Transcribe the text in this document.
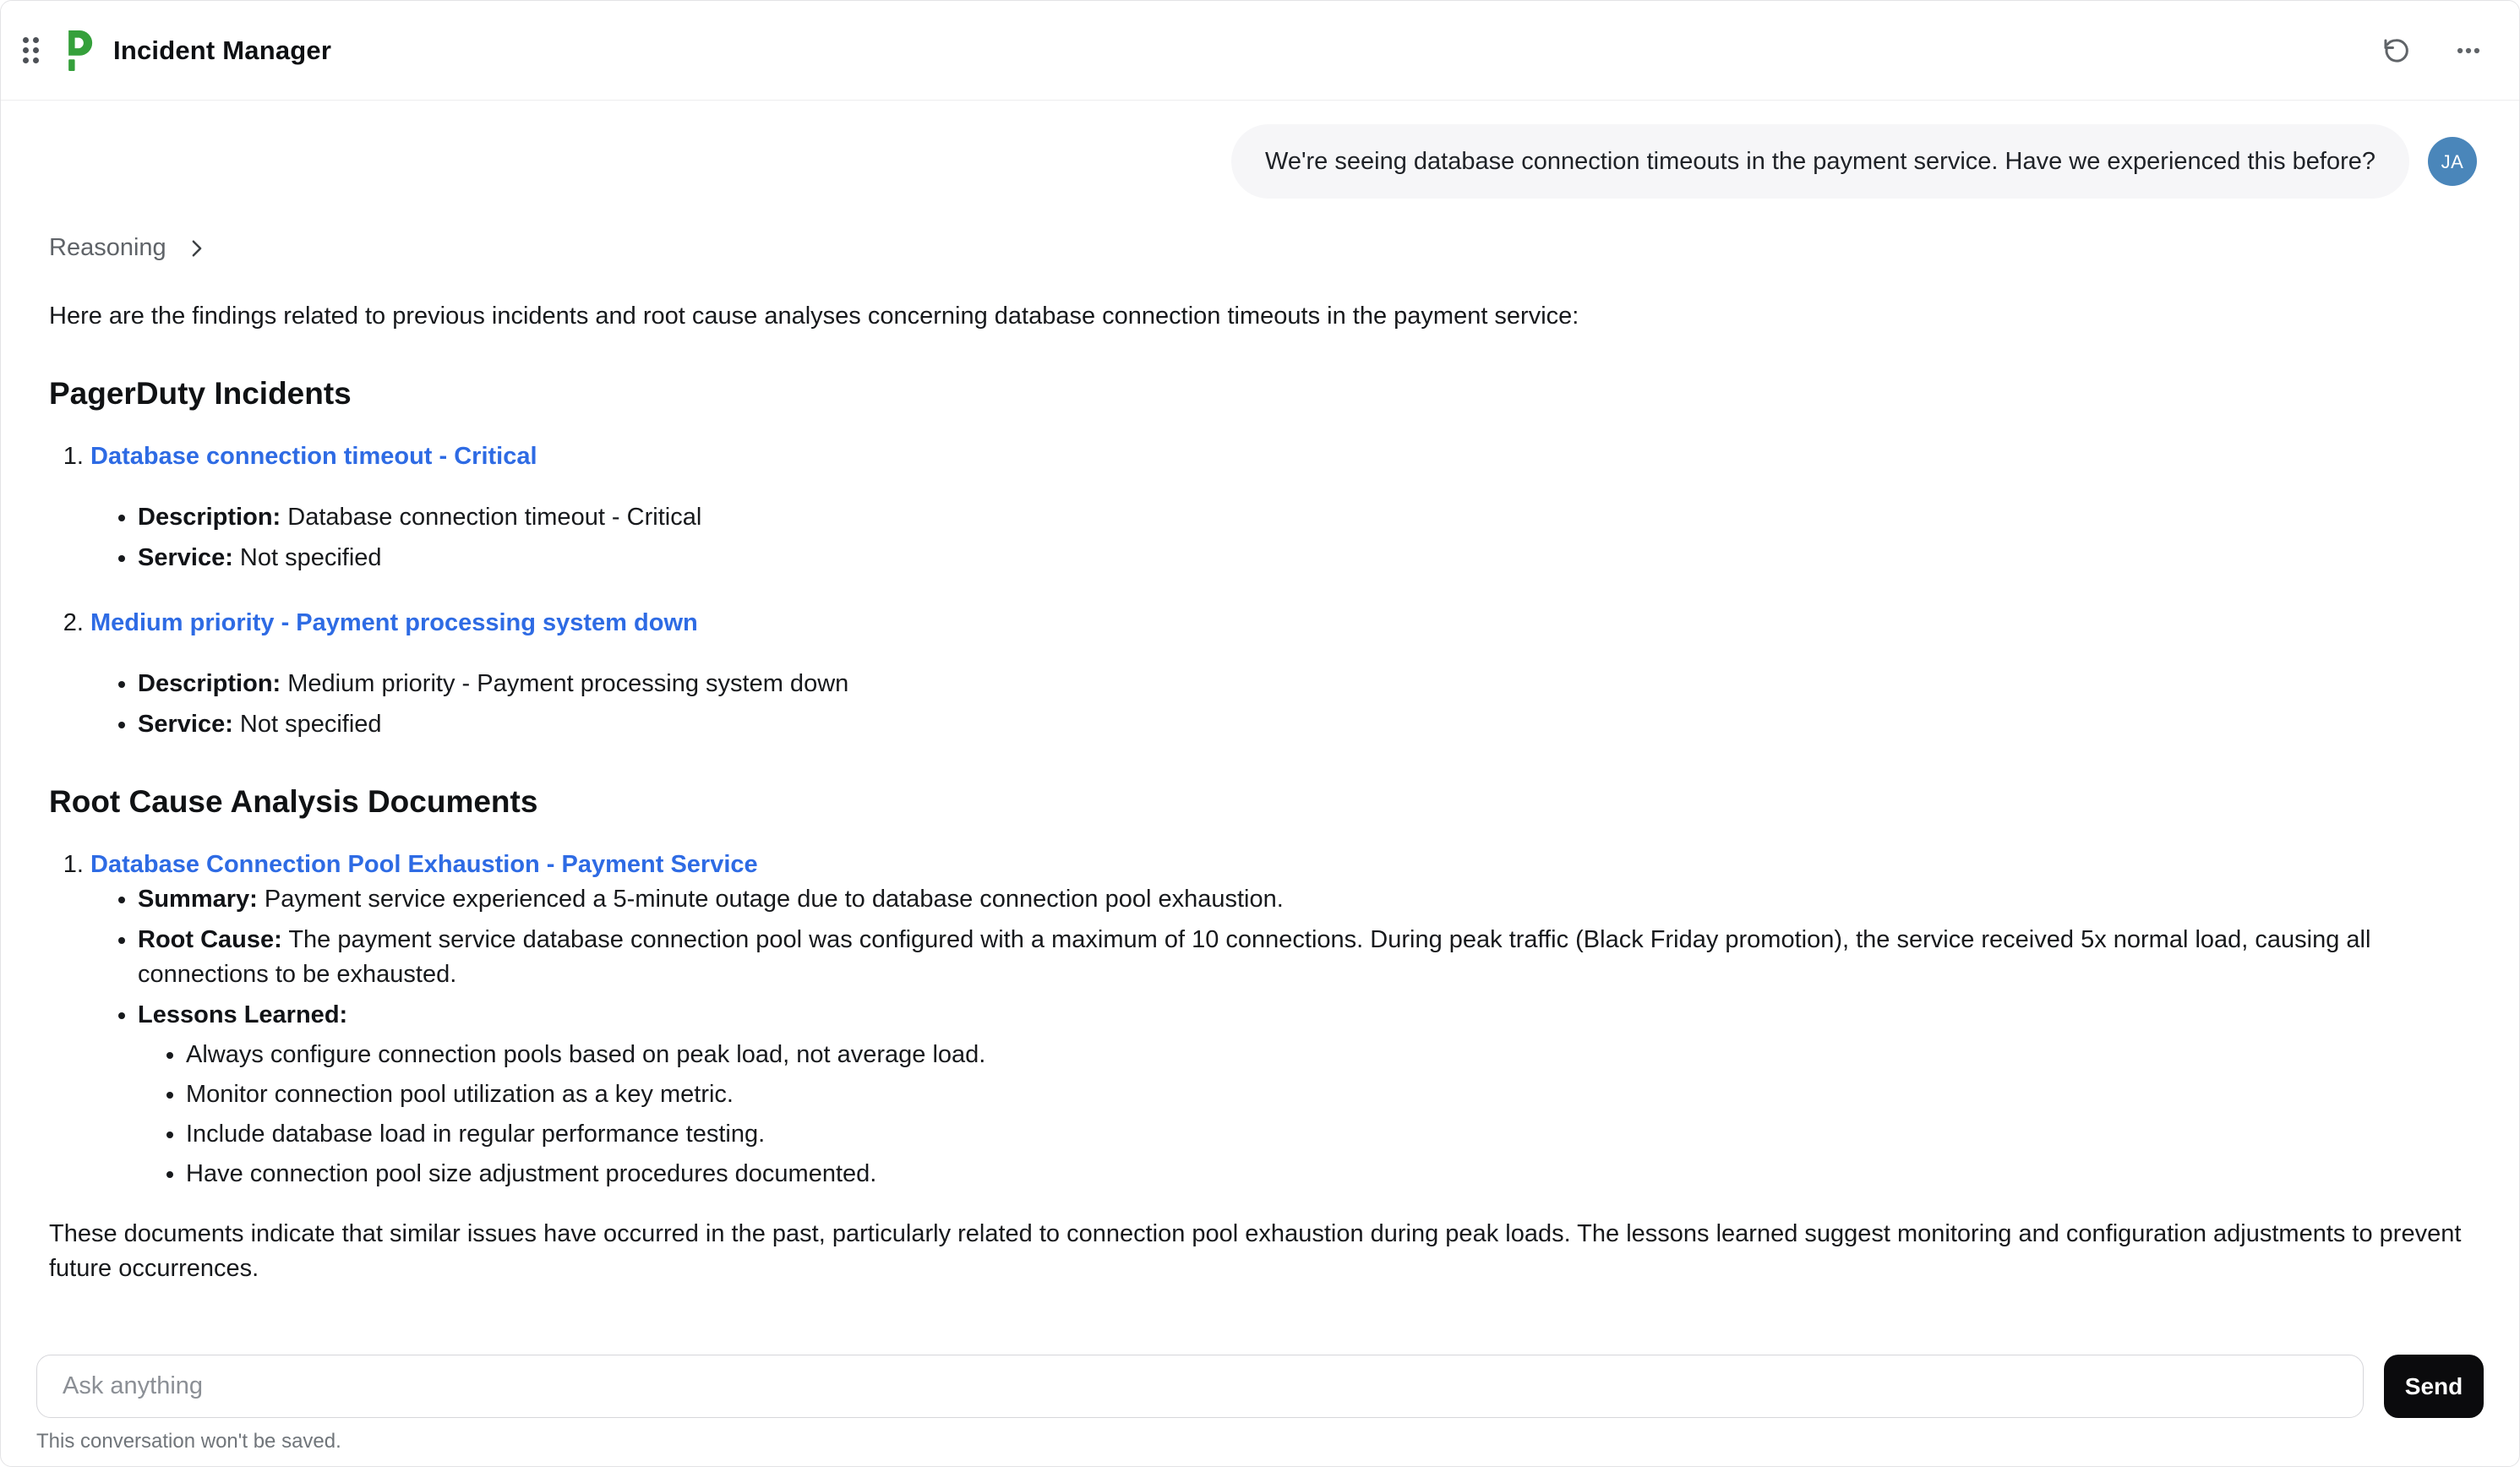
Incident Manager
We're seeing database connection timeouts in the payment service. Have we experienced this before?	JA
Reasoning

Here are the findings related to previous incidents and root cause analyses concerning database connection timeouts in the payment service:

PagerDuty Incidents
1. Database connection timeout - Critical
• Description: Database connection timeout - Critical
• Service: Not specified
2. Medium priority - Payment processing system down
• Description: Medium priority - Payment processing system down
• Service: Not specified
Root Cause Analysis Documents
1. Database Connection Pool Exhaustion - Payment Service
• Summary: Payment service experienced a 5-minute outage due to database connection pool exhaustion.
• Root Cause: The payment service database connection pool was configured with a maximum of 10 connections. During peak traffic (Black Friday promotion), the service received 5x normal load, causing all connections to be exhausted.
• Lessons Learned:
• Always configure connection pools based on peak load, not average load.
• Monitor connection pool utilization as a key metric.
• Include database load in regular performance testing.
• Have connection pool size adjustment procedures documented.

These documents indicate that similar issues have occurred in the past, particularly related to connection pool exhaustion during peak loads. The lessons learned suggest monitoring and configuration adjustments to prevent future occurrences.

Ask anything
Send
This conversation won't be saved.
